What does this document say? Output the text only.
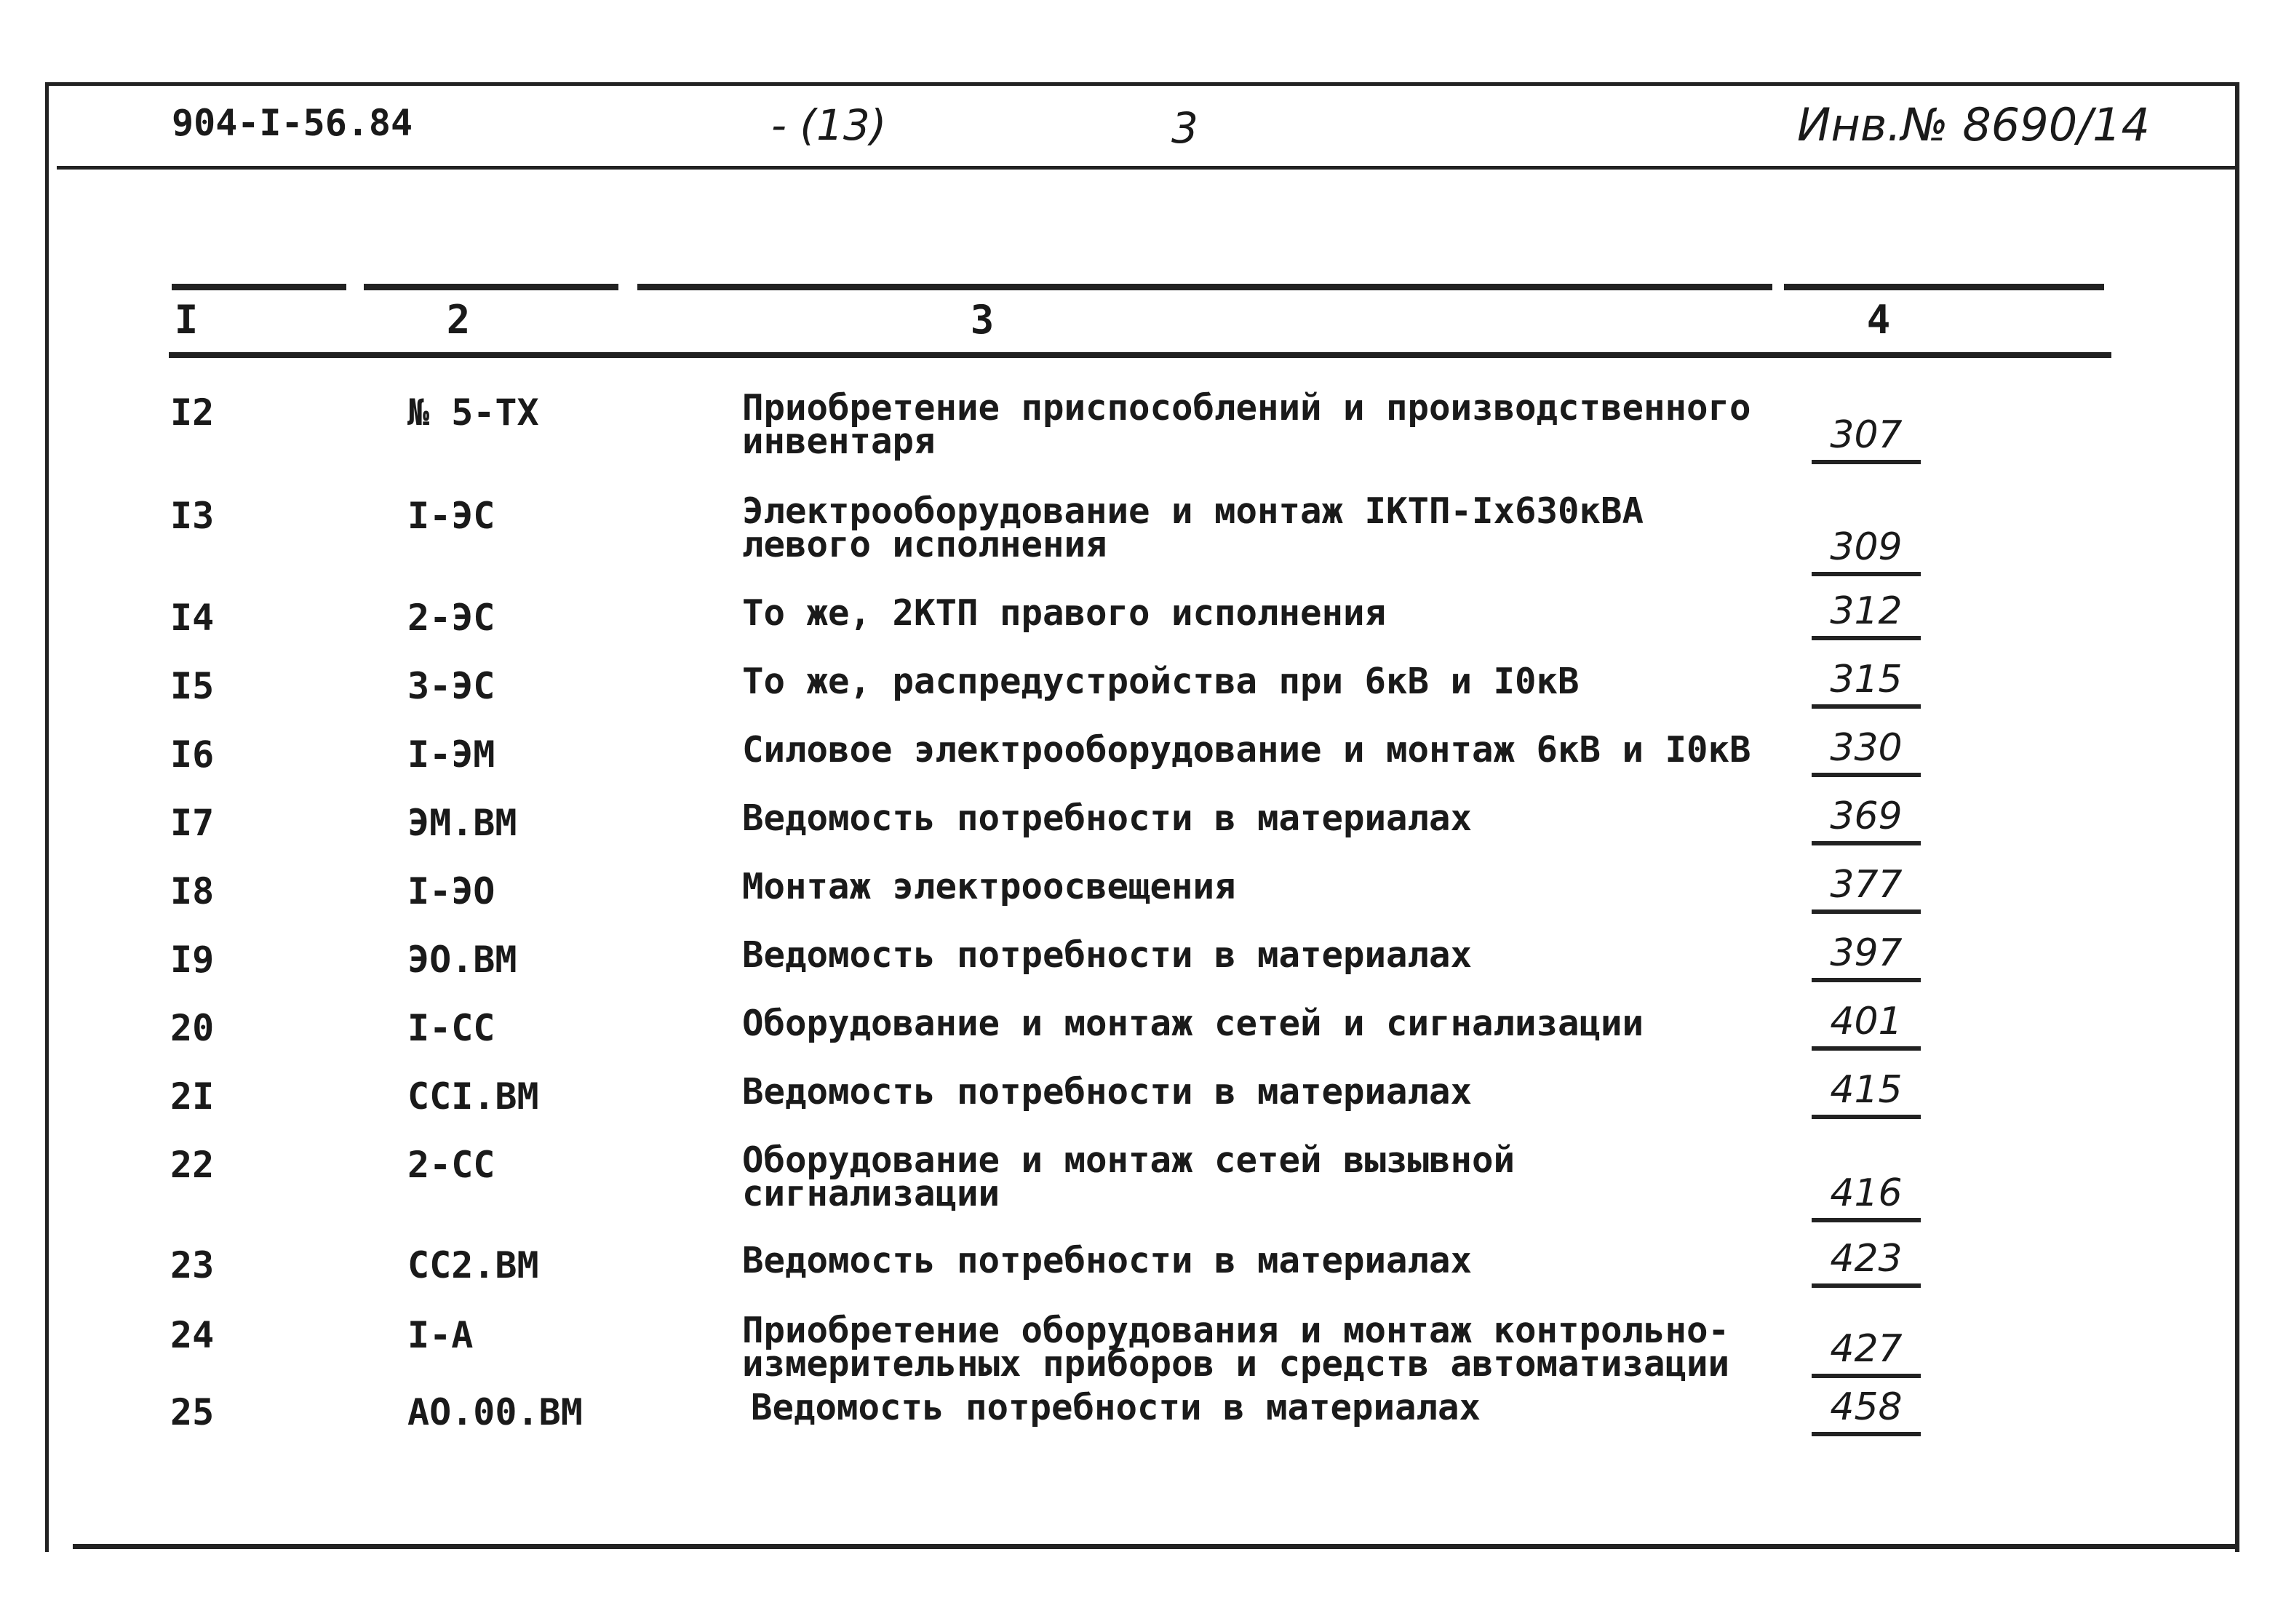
904-I-56.84	- (13)	3	Инв.№ 8690/14
I	2	3	4
I2	№ 5-ТХ	Приобретение приспособлений и производственного инвентаря	307
I3	I-ЭС	Электрооборудование и монтаж IКТП-Iх630кВА левого исполнения	309
I4	2-ЭС	То же, 2КТП правого исполнения	312
I5	3-ЭС	То же, распредустройства при 6кВ и I0кВ	315
I6	I-ЭМ	Силовое электрооборудование и монтаж 6кВ и I0кВ	330
I7	ЭМ.ВМ	Ведомость потребности в материалах	369
I8	I-ЭО	Монтаж электроосвещения	377
I9	ЭО.ВМ	Ведомость потребности в материалах	397
20	I-СС	Оборудование и монтаж сетей и сигнализации	401
2I	ССI.ВМ	Ведомость потребности в материалах	415
22	2-СС	Оборудование и монтаж сетей вызывной сигнализации	416
23	СС2.ВМ	Ведомость потребности в материалах	423
24	I-А	Приобретение оборудования и монтаж контрольно-измерительных приборов и средств автоматизации	427
25	АО.00.ВМ	Ведомость потребности в материалах	458
